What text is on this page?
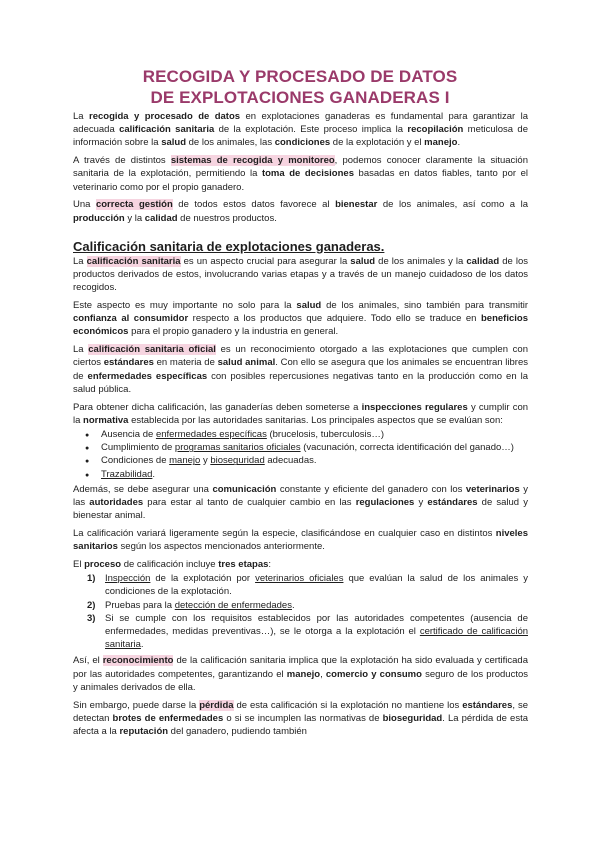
RECOGIDA Y PROCESADO DE DATOS
DE EXPLOTACIONES GANADERAS I

La recogida y procesado de datos en explotaciones ganaderas es fundamental para garantizar la adecuada calificación sanitaria de la explotación. Este proceso implica la recopilación meticulosa de información sobre la salud de los animales, las condiciones de la explotación y el manejo.

A través de distintos sistemas de recogida y monitoreo, podemos conocer claramente la situación sanitaria de la explotación, permitiendo la toma de decisiones basadas en datos fiables, tanto por el veterinario como por el propio ganadero.

Una correcta gestión de todos estos datos favorece al bienestar de los animales, así como a la producción y la calidad de nuestros productos.

Calificación sanitaria de explotaciones ganaderas.

La calificación sanitaria es un aspecto crucial para asegurar la salud de los animales y la calidad de los productos derivados de estos, involucrando varias etapas y a través de un manejo cuidadoso de los datos recogidos.

Este aspecto es muy importante no solo para la salud de los animales, sino también para transmitir confianza al consumidor respecto a los productos que adquiere. Todo ello se traduce en beneficios económicos para el propio ganadero y la industria en general.

La calificación sanitaria oficial es un reconocimiento otorgado a las explotaciones que cumplen con ciertos estándares en materia de salud animal. Con ello se asegura que los animales se encuentran libres de enfermedades específicas con posibles repercusiones negativas tanto en la producción como en la salud pública.

Para obtener dicha calificación, las ganaderías deben someterse a inspecciones regulares y cumplir con la normativa establecida por las autoridades sanitarias. Los principales aspectos que se evalúan son:

● Ausencia de enfermedades específicas (brucelosis, tuberculosis…)
● Cumplimiento de programas sanitarios oficiales (vacunación, correcta identificación del ganado…)
● Condiciones de manejo y bioseguridad adecuadas.
● Trazabilidad.

Además, se debe asegurar una comunicación constante y eficiente del ganadero con los veterinarios y las autoridades para estar al tanto de cualquier cambio en las regulaciones y estándares de salud y bienestar animal.

La calificación variará ligeramente según la especie, clasificándose en cualquier caso en distintos niveles sanitarios según los aspectos mencionados anteriormente.

El proceso de calificación incluye tres etapas:

1) Inspección de la explotación por veterinarios oficiales que evalúan la salud de los animales y condiciones de la explotación.
2) Pruebas para la detección de enfermedades.
3) Si se cumple con los requisitos establecidos por las autoridades competentes (ausencia de enfermedades, medidas preventivas…), se le otorga a la explotación el certificado de calificación sanitaria.

Así, el reconocimiento de la calificación sanitaria implica que la explotación ha sido evaluada y certificada por las autoridades competentes, garantizando el manejo, comercio y consumo seguro de los productos y animales derivados de ella.

Sin embargo, puede darse la pérdida de esta calificación si la explotación no mantiene los estándares, se detectan brotes de enfermedades o si se incumplen las normativas de bioseguridad. La pérdida de esta afecta a la reputación del ganadero, pudiendo también
